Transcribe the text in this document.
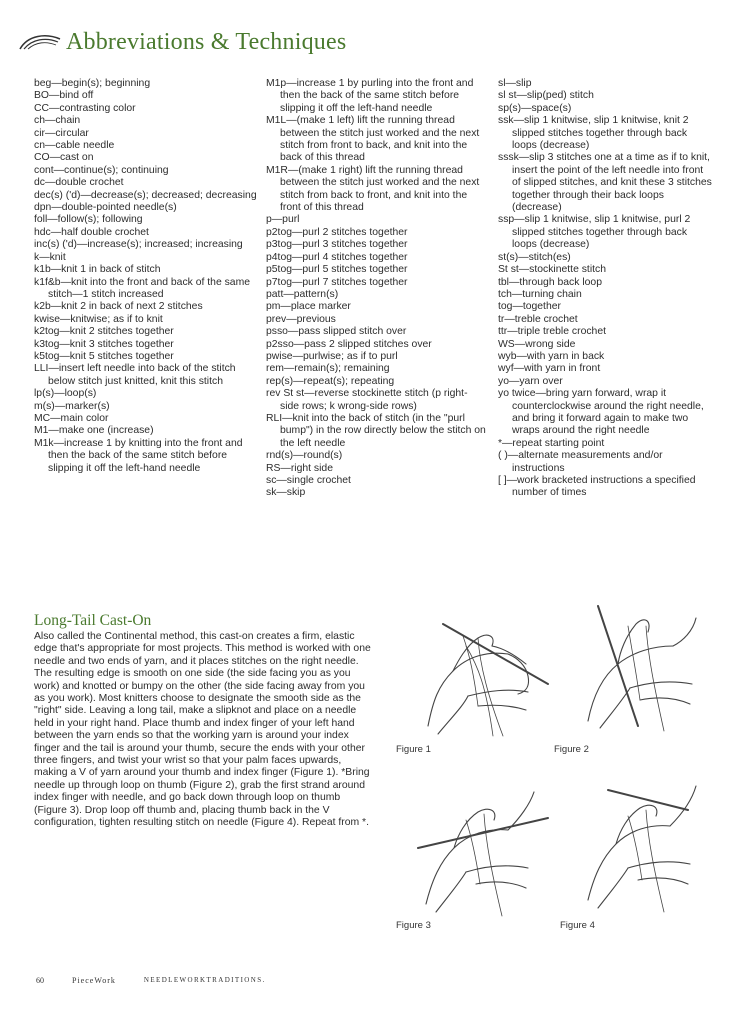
Abbreviations & Techniques

beg—begin(s); beginning

BO—bind off

CC—contrasting color

ch—chain

cir—circular

cn—cable needle

CO—cast on

cont—continue(s); continuing

dc—double crochet

dec(s) ('d)—decrease(s); decreased; decreasing

dpn—double-pointed needle(s)

foll—follow(s); following

hdc—half double crochet

inc(s) ('d)—increase(s); increased; increasing

k—knit

k1b—knit 1 in back of stitch

k1f&b—knit into the front and back of the same stitch—1 stitch increased

k2b—knit 2 in back of next 2 stitches

kwise—knitwise; as if to knit

k2tog—knit 2 stitches together

k3tog—knit 3 stitches together

k5tog—knit 5 stitches together

LLI—insert left needle into back of the stitch below stitch just knitted, knit this stitch

lp(s)—loop(s)

m(s)—marker(s)

MC—main color

M1—make one (increase)

M1k—increase 1 by knitting into the front and then the back of the same stitch before slipping it off the left-hand needle

M1p—increase 1 by purling into the front and then the back of the same stitch before slipping it off the left-hand needle

M1L—(make 1 left) lift the running thread between the stitch just worked and the next stitch from front to back, and knit into the back of this thread

M1R—(make 1 right) lift the running thread between the stitch just worked and the next stitch from back to front, and knit into the front of this thread

p—purl

p2tog—purl 2 stitches together

p3tog—purl 3 stitches together

p4tog—purl 4 stitches together

p5tog—purl 5 stitches together

p7tog—purl 7 stitches together

patt—pattern(s)

pm—place marker

prev—previous

psso—pass slipped stitch over

p2sso—pass 2 slipped stitches over

pwise—purlwise; as if to purl

rem—remain(s); remaining

rep(s)—repeat(s); repeating

rev St st—reverse stockinette stitch (p right-side rows; k wrong-side rows)

RLI—knit into the back of stitch (in the "purl bump") in the row directly below the stitch on the left needle

rnd(s)—round(s)

RS—right side

sc—single crochet

sk—skip

sl—slip

sl st—slip(ped) stitch

sp(s)—space(s)

ssk—slip 1 knitwise, slip 1 knitwise, knit 2 slipped stitches together through back loops (decrease)

sssk—slip 3 stitches one at a time as if to knit, insert the point of the left needle into front of slipped stitches, and knit these 3 stitches together through their back loops (decrease)

ssp—slip 1 knitwise, slip 1 knitwise, purl 2 slipped stitches together through back loops (decrease)

st(s)—stitch(es)

St st—stockinette stitch

tbl—through back loop

tch—turning chain

tog—together

tr—treble crochet

ttr—triple treble crochet

WS—wrong side

wyb—with yarn in back

wyf—with yarn in front

yo—yarn over

yo twice—bring yarn forward, wrap it counterclockwise around the right needle, and bring it forward again to make two wraps around the right needle

*—repeat starting point

( )—alternate measurements and/or instructions

[ ]—work bracketed instructions a specified number of times

Long-Tail Cast-On

Also called the Continental method, this cast-on creates a firm, elastic edge that's appropriate for most projects. This method is worked with one needle and two ends of yarn, and it places stitches on the right needle. The resulting edge is smooth on one side (the side facing you as you work) and knotted or bumpy on the other (the side facing away from you as you work). Most knitters choose to designate the smooth side as the "right" side. Leaving a long tail, make a slipknot and place on a needle held in your right hand. Place thumb and index finger of your left hand between the yarn ends so that the working yarn is around your index finger and the tail is around your thumb, secure the ends with your other three fingers, and twist your wrist so that your palm faces upwards, making a V of yarn around your thumb and index finger (Figure 1). *Bring needle up through loop on thumb (Figure 2), grab the first strand around index finger with needle, and go back down through loop on thumb (Figure 3). Drop loop off thumb and, placing thumb back in the V configuration, tighten resulting stitch on needle (Figure 4). Repeat from *.

Figure 1	Figure 2
Figure 3	Figure 4
60	PieceWork	NEEDLEWORKTRADITIONS.
